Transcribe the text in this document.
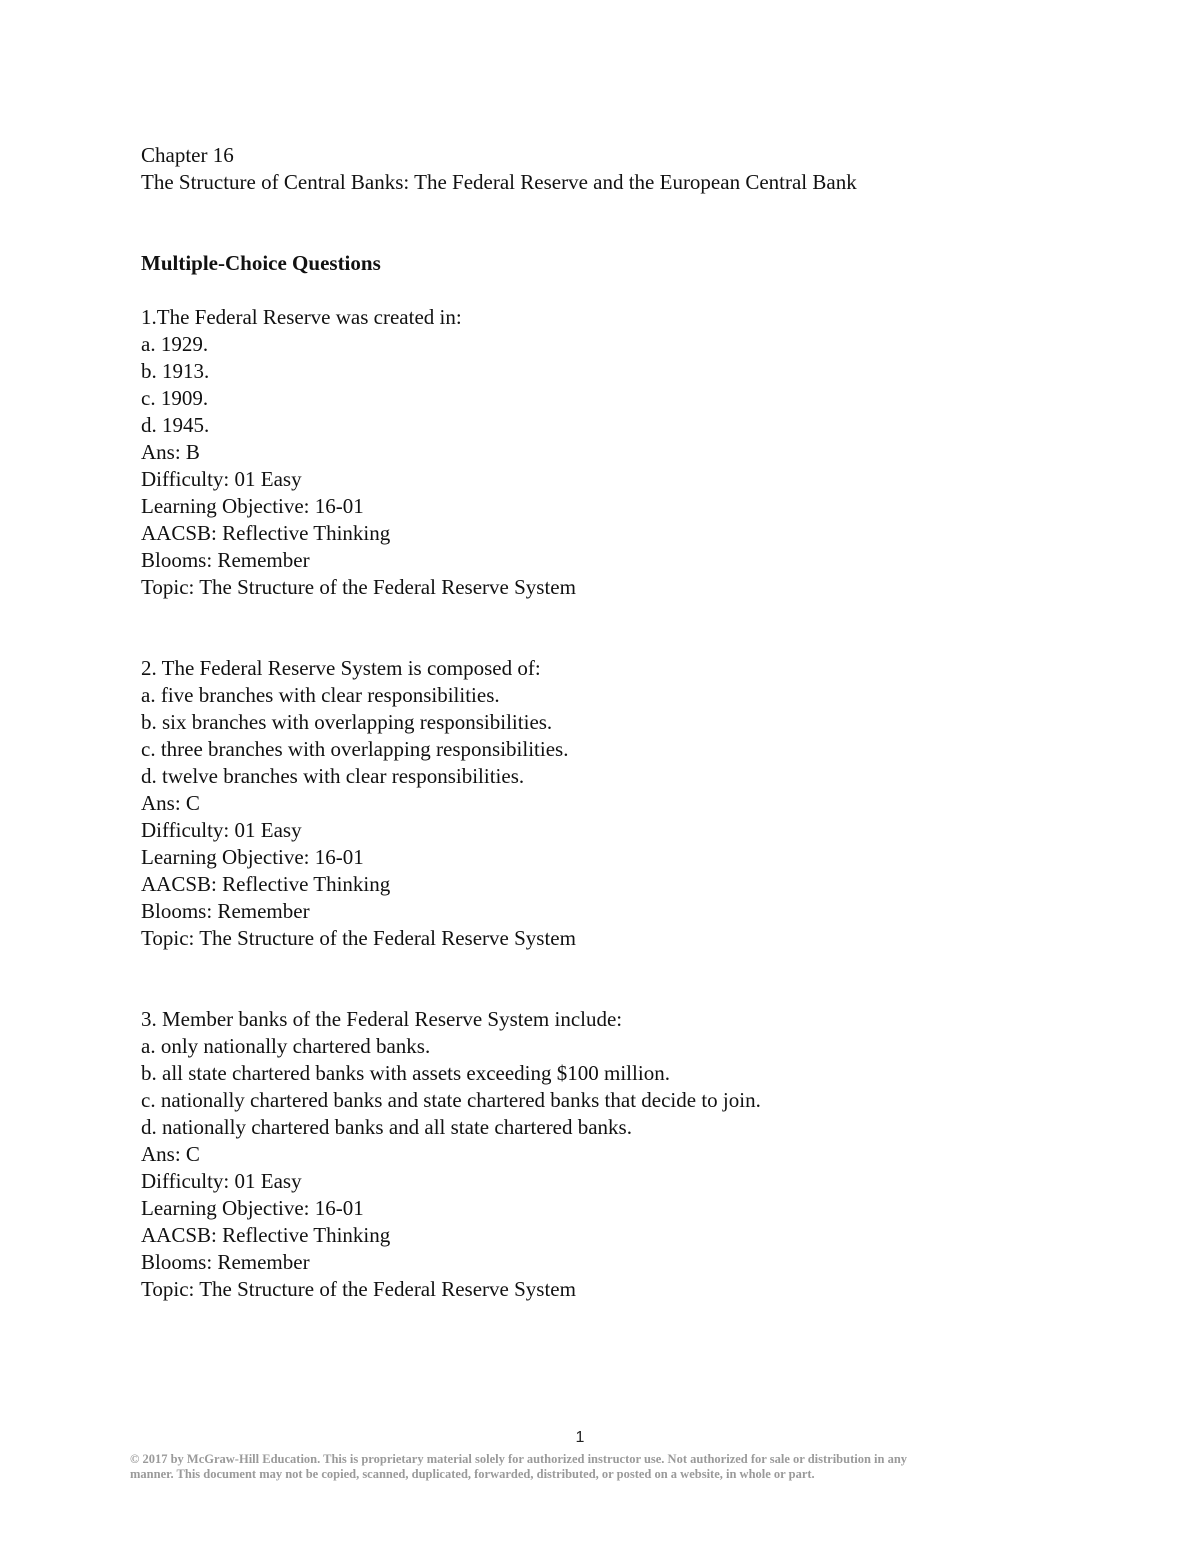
Chapter 16
The Structure of Central Banks: The Federal Reserve and the European Central Bank
Multiple-Choice Questions
1.The Federal Reserve was created in:
a. 1929.
b. 1913.
c. 1909.
d. 1945.
Ans: B
Difficulty: 01 Easy
Learning Objective: 16-01
AACSB: Reflective Thinking
Blooms: Remember
Topic: The Structure of the Federal Reserve System
2. The Federal Reserve System is composed of:
a. five branches with clear responsibilities.
b. six branches with overlapping responsibilities.
c. three branches with overlapping responsibilities.
d. twelve branches with clear responsibilities.
Ans: C
Difficulty: 01 Easy
Learning Objective: 16-01
AACSB: Reflective Thinking
Blooms: Remember
Topic: The Structure of the Federal Reserve System
3. Member banks of the Federal Reserve System include:
a. only nationally chartered banks.
b. all state chartered banks with assets exceeding $100 million.
c. nationally chartered banks and state chartered banks that decide to join.
d. nationally chartered banks and all state chartered banks.
Ans: C
Difficulty: 01 Easy
Learning Objective: 16-01
AACSB: Reflective Thinking
Blooms: Remember
Topic: The Structure of the Federal Reserve System
1
© 2017 by McGraw-Hill Education. This is proprietary material solely for authorized instructor use. Not authorized for sale or distribution in any
manner. This document may not be copied, scanned, duplicated, forwarded, distributed, or posted on a website, in whole or part.
